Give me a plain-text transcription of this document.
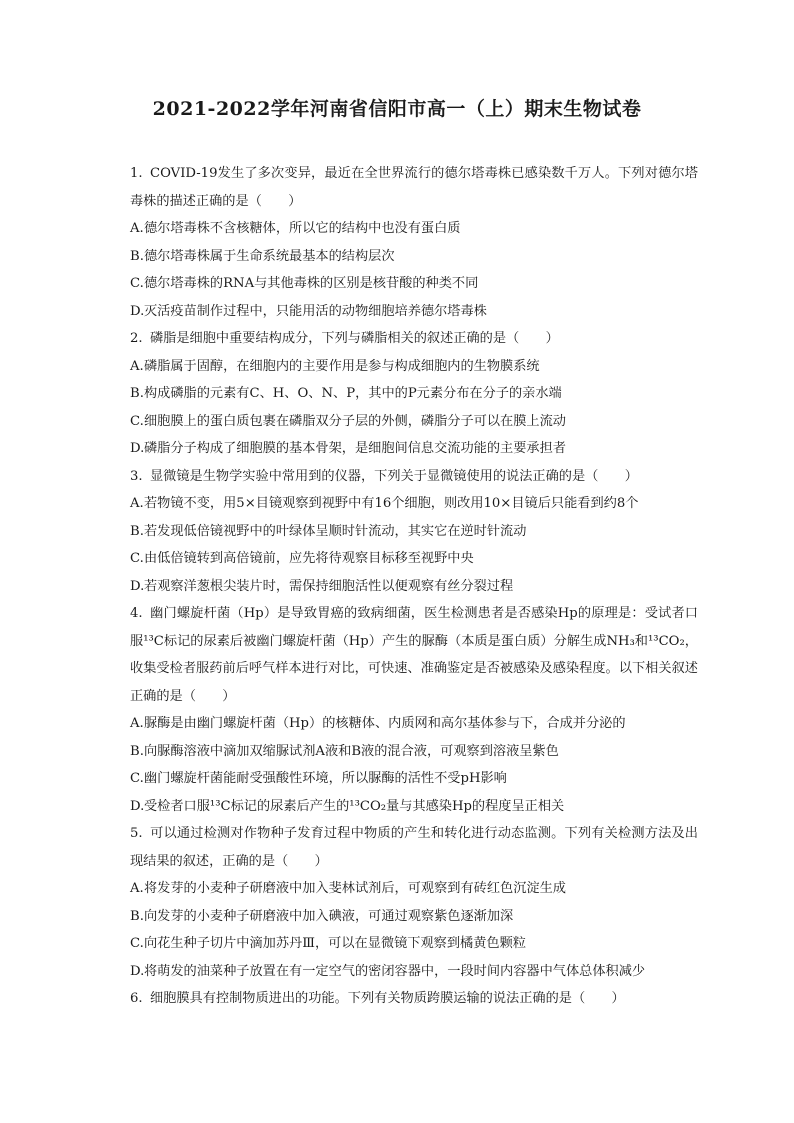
2021-2022学年河南省信阳市高一（上）期末生物试卷

1. COVID-19发生了多次变异，最近在全世界流行的德尔塔毒株已感染数千万人。下列对德尔塔毒株的描述正确的是（　　）

A.德尔塔毒株不含核糖体，所以它的结构中也没有蛋白质

B.德尔塔毒株属于生命系统最基本的结构层次

C.德尔塔毒株的RNA与其他毒株的区别是核苷酸的种类不同

D.灭活疫苗制作过程中，只能用活的动物细胞培养德尔塔毒株

2. 磷脂是细胞中重要结构成分，下列与磷脂相关的叙述正确的是（　　）

A.磷脂属于固醇，在细胞内的主要作用是参与构成细胞内的生物膜系统

B.构成磷脂的元素有C、H、O、N、P，其中的P元素分布在分子的亲水端

C.细胞膜上的蛋白质包裹在磷脂双分子层的外侧，磷脂分子可以在膜上流动

D.磷脂分子构成了细胞膜的基本骨架，是细胞间信息交流功能的主要承担者

3. 显微镜是生物学实验中常用到的仪器，下列关于显微镜使用的说法正确的是（　　）

A.若物镜不变，用5×目镜观察到视野中有16个细胞，则改用10×目镜后只能看到约8个

B.若发现低倍镜视野中的叶绿体呈顺时针流动，其实它在逆时针流动

C.由低倍镜转到高倍镜前，应先将待观察目标移至视野中央

D.若观察洋葱根尖装片时，需保持细胞活性以便观察有丝分裂过程

4. 幽门螺旋杆菌（Hp）是导致胃癌的致病细菌，医生检测患者是否感染Hp的原理是：受试者口服¹³C标记的尿素后被幽门螺旋杆菌（Hp）产生的脲酶（本质是蛋白质）分解生成NH₃和¹³CO₂，收集受检者服药前后呼气样本进行对比，可快速、准确鉴定是否被感染及感染程度。以下相关叙述正确的是（　　）

A.脲酶是由幽门螺旋杆菌（Hp）的核糖体、内质网和高尔基体参与下，合成并分泌的

B.向脲酶溶液中滴加双缩脲试剂A液和B液的混合液，可观察到溶液呈紫色

C.幽门螺旋杆菌能耐受强酸性环境，所以脲酶的活性不受pH影响

D.受检者口服¹³C标记的尿素后产生的¹³CO₂量与其感染Hp的程度呈正相关

5. 可以通过检测对作物种子发育过程中物质的产生和转化进行动态监测。下列有关检测方法及出现结果的叙述，正确的是（　　）

A.将发芽的小麦种子研磨液中加入斐林试剂后，可观察到有砖红色沉淀生成

B.向发芽的小麦种子研磨液中加入碘液，可通过观察紫色逐渐加深

C.向花生种子切片中滴加苏丹Ⅲ，可以在显微镜下观察到橘黄色颗粒

D.将萌发的油菜种子放置在有一定空气的密闭容器中，一段时间内容器中气体总体积减少

6. 细胞膜具有控制物质进出的功能。下列有关物质跨膜运输的说法正确的是（　　）
